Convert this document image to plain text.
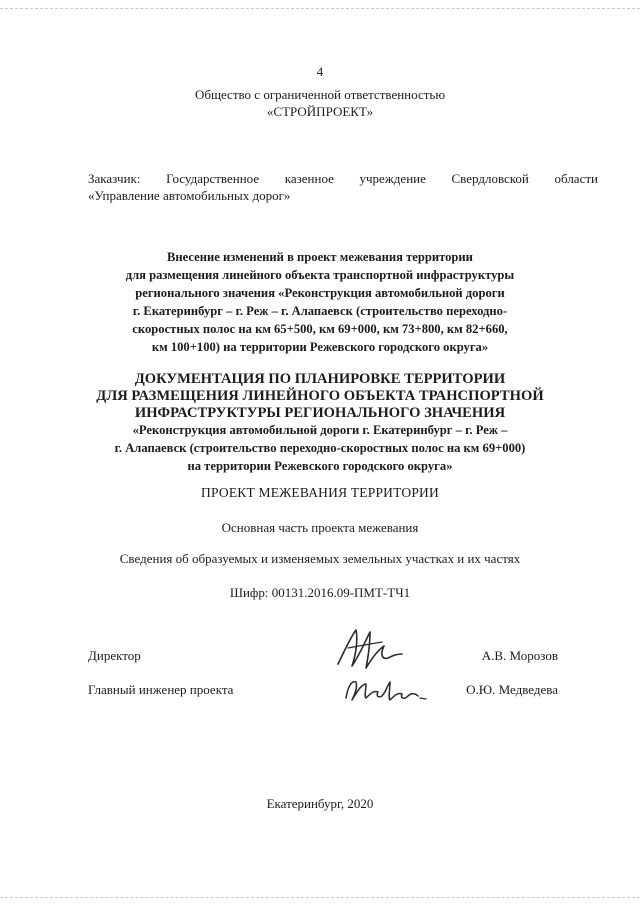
4
Общество с ограниченной ответственностью
«СТРОЙПРОЕКТ»
Заказчик: Государственное казенное учреждение Свердловской области
«Управление автомобильных дорог»
Внесение изменений в проект межевания территории
для размещения линейного объекта транспортной инфраструктуры
регионального значения «Реконструкция автомобильной дороги
г. Екатеринбург – г. Реж – г. Алапаевск (строительство переходно-
скоростных полос на км 65+500, км 69+000, км 73+800, км 82+660,
км 100+100) на территории Режевского городского округа»
ДОКУМЕНТАЦИЯ ПО ПЛАНИРОВКЕ ТЕРРИТОРИИ
ДЛЯ РАЗМЕЩЕНИЯ ЛИНЕЙНОГО ОБЪЕКТА ТРАНСПОРТНОЙ
ИНФРАСТРУКТУРЫ РЕГИОНАЛЬНОГО ЗНАЧЕНИЯ
«Реконструкция автомобильной дороги г. Екатеринбург – г. Реж –
г. Алапаевск (строительство переходно-скоростных полос на км 69+000)
на территории Режевского городского округа»
ПРОЕКТ МЕЖЕВАНИЯ ТЕРРИТОРИИ
Основная часть проекта межевания
Сведения об образуемых и изменяемых земельных участках и их частях
Шифр: 00131.2016.09-ПМТ-ТЧ1
Директор	А.В. Морозов
Главный инженер проекта	О.Ю. Медведева
Екатеринбург, 2020
